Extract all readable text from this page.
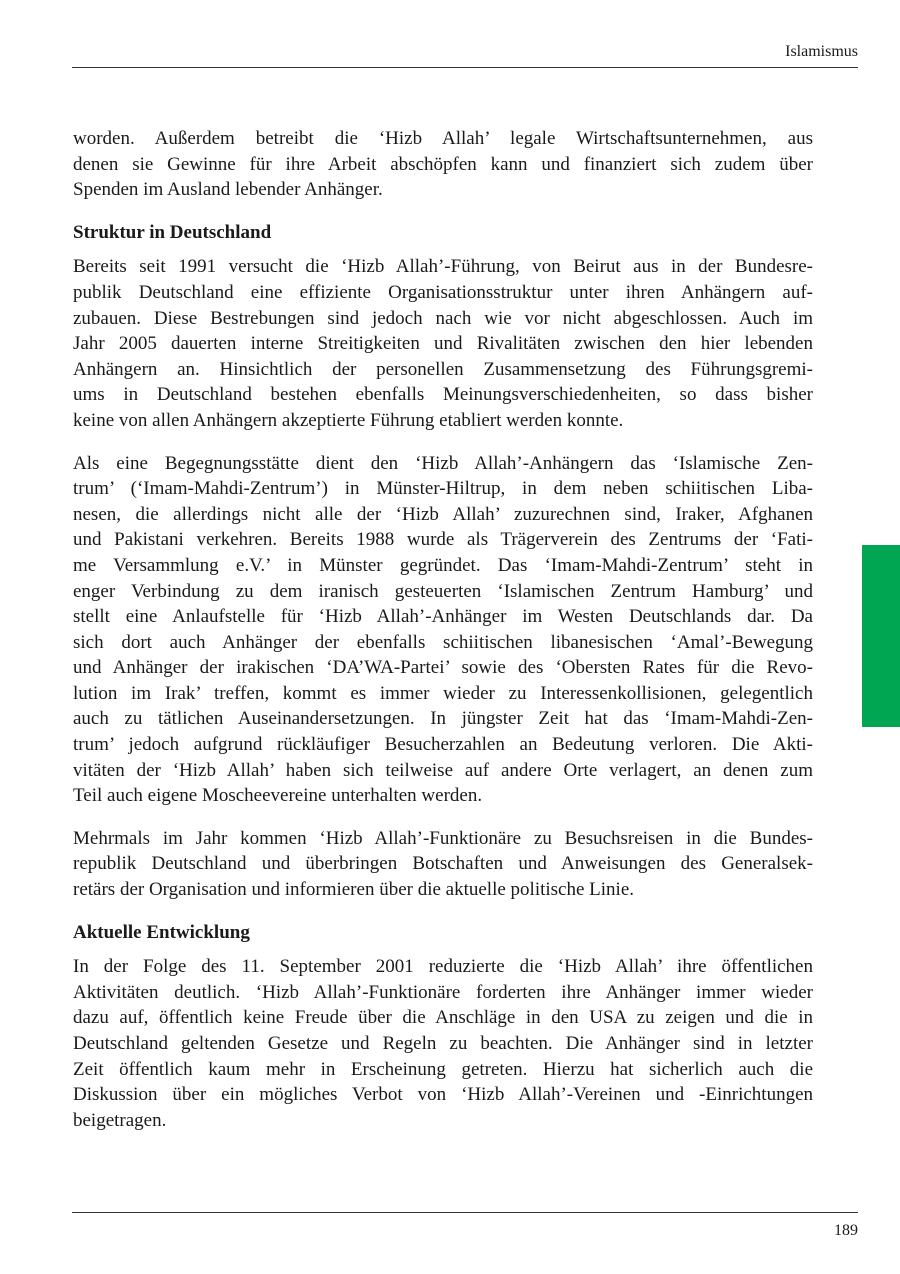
Islamismus
worden. Außerdem betreibt die ‘Hizb Allah’ legale Wirtschaftsunternehmen, aus
denen sie Gewinne für ihre Arbeit abschöpfen kann und finanziert sich zudem über
Spenden im Ausland lebender Anhänger.
Struktur in Deutschland
Bereits seit 1991 versucht die ‘Hizb Allah’-Führung, von Beirut aus in der Bundesre-
publik Deutschland eine effiziente Organisationsstruktur unter ihren Anhängern auf-
zubauen. Diese Bestrebungen sind jedoch nach wie vor nicht abgeschlossen. Auch im
Jahr 2005 dauerten interne Streitigkeiten und Rivalitäten zwischen den hier lebenden
Anhängern an. Hinsichtlich der personellen Zusammensetzung des Führungsgremi-
ums in Deutschland bestehen ebenfalls Meinungsverschiedenheiten, so dass bisher
keine von allen Anhängern akzeptierte Führung etabliert werden konnte.
Als eine Begegnungsstätte dient den ‘Hizb Allah’-Anhängern das ‘Islamische Zen-
trum’ (‘Imam-Mahdi-Zentrum’) in Münster-Hiltrup, in dem neben schiitischen Liba-
nesen, die allerdings nicht alle der ‘Hizb Allah’ zuzurechnen sind, Iraker, Afghanen
und Pakistani verkehren. Bereits 1988 wurde als Trägerverein des Zentrums der ‘Fati-
me Versammlung e.V.’ in Münster gegründet. Das ‘Imam-Mahdi-Zentrum’ steht in
enger Verbindung zu dem iranisch gesteuerten ‘Islamischen Zentrum Hamburg’ und
stellt eine Anlaufstelle für ‘Hizb Allah’-Anhänger im Westen Deutschlands dar. Da
sich dort auch Anhänger der ebenfalls schiitischen libanesischen ‘Amal’-Bewegung
und Anhänger der irakischen ‘DA’WA-Partei’ sowie des ‘Obersten Rates für die Revo-
lution im Irak’ treffen, kommt es immer wieder zu Interessenkollisionen, gelegentlich
auch zu tätlichen Auseinandersetzungen. In jüngster Zeit hat das ‘Imam-Mahdi-Zen-
trum’ jedoch aufgrund rückläufiger Besucherzahlen an Bedeutung verloren. Die Akti-
vitäten der ‘Hizb Allah’ haben sich teilweise auf andere Orte verlagert, an denen zum
Teil auch eigene Moscheevereine unterhalten werden.
Mehrmals im Jahr kommen ‘Hizb Allah’-Funktionäre zu Besuchsreisen in die Bundes-
republik Deutschland und überbringen Botschaften und Anweisungen des Generalsek-
retärs der Organisation und informieren über die aktuelle politische Linie.
Aktuelle Entwicklung
In der Folge des 11. September 2001 reduzierte die ‘Hizb Allah’ ihre öffentlichen
Aktivitäten deutlich. ‘Hizb Allah’-Funktionäre forderten ihre Anhänger immer wieder
dazu auf, öffentlich keine Freude über die Anschläge in den USA zu zeigen und die in
Deutschland geltenden Gesetze und Regeln zu beachten. Die Anhänger sind in letzter
Zeit öffentlich kaum mehr in Erscheinung getreten. Hierzu hat sicherlich auch die
Diskussion über ein mögliches Verbot von ‘Hizb Allah’-Vereinen und -Einrichtungen
beigetragen.
189
